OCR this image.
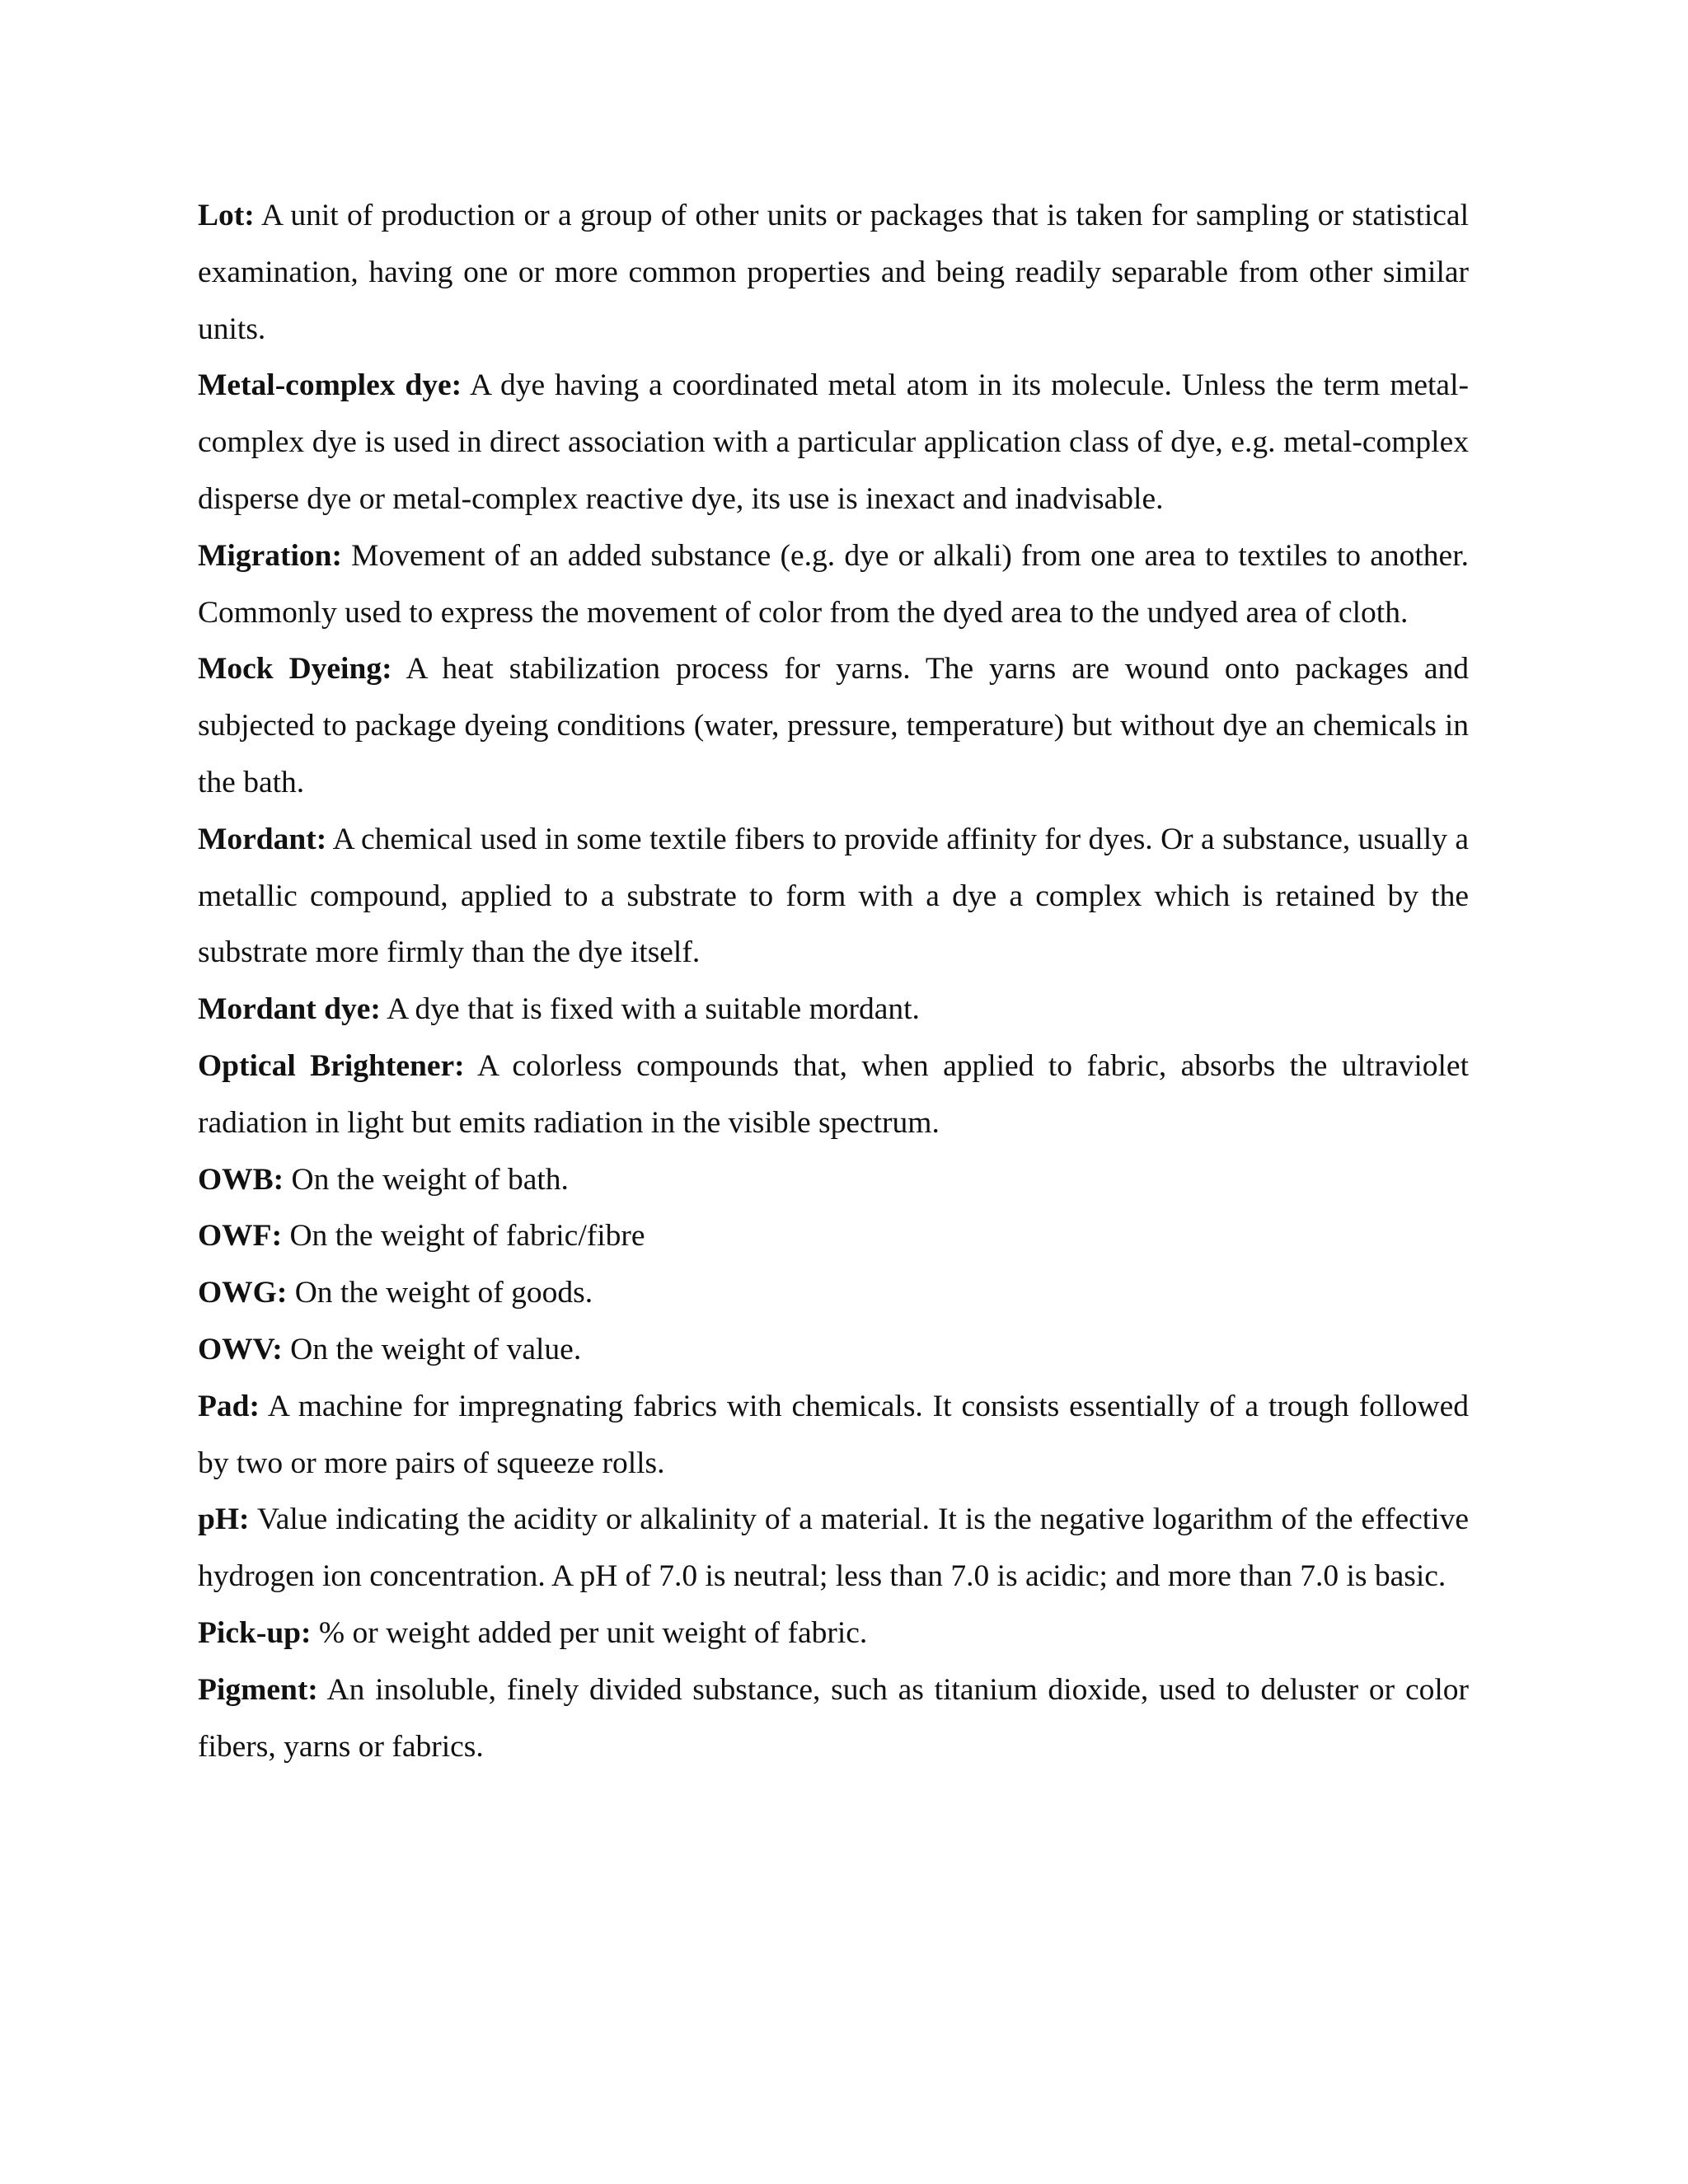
Lot: A unit of production or a group of other units or packages that is taken for sampling or statistical examination, having one or more common properties and being readily separable from other similar units.

Metal-complex dye: A dye having a coordinated metal atom in its molecule. Unless the term metal-complex dye is used in direct association with a particular application class of dye, e.g. metal-complex disperse dye or metal-complex reactive dye, its use is inexact and inadvisable.

Migration: Movement of an added substance (e.g. dye or alkali) from one area to textiles to another. Commonly used to express the movement of color from the dyed area to the undyed area of cloth.

Mock Dyeing: A heat stabilization process for yarns. The yarns are wound onto packages and subjected to package dyeing conditions (water, pressure, temperature) but without dye an chemicals in the bath.

Mordant: A chemical used in some textile fibers to provide affinity for dyes. Or a substance, usually a metallic compound, applied to a substrate to form with a dye a complex which is retained by the substrate more firmly than the dye itself.

Mordant dye: A dye that is fixed with a suitable mordant.

Optical Brightener: A colorless compounds that, when applied to fabric, absorbs the ultraviolet radiation in light but emits radiation in the visible spectrum.

OWB: On the weight of bath.

OWF: On the weight of fabric/fibre

OWG: On the weight of goods.

OWV: On the weight of value.

Pad: A machine for impregnating fabrics with chemicals. It consists essentially of a trough followed by two or more pairs of squeeze rolls.

pH: Value indicating the acidity or alkalinity of a material. It is the negative logarithm of the effective hydrogen ion concentration. A pH of 7.0 is neutral; less than 7.0 is acidic; and more than 7.0 is basic.

Pick-up: % or weight added per unit weight of fabric.

Pigment: An insoluble, finely divided substance, such as titanium dioxide, used to deluster or color fibers, yarns or fabrics.
